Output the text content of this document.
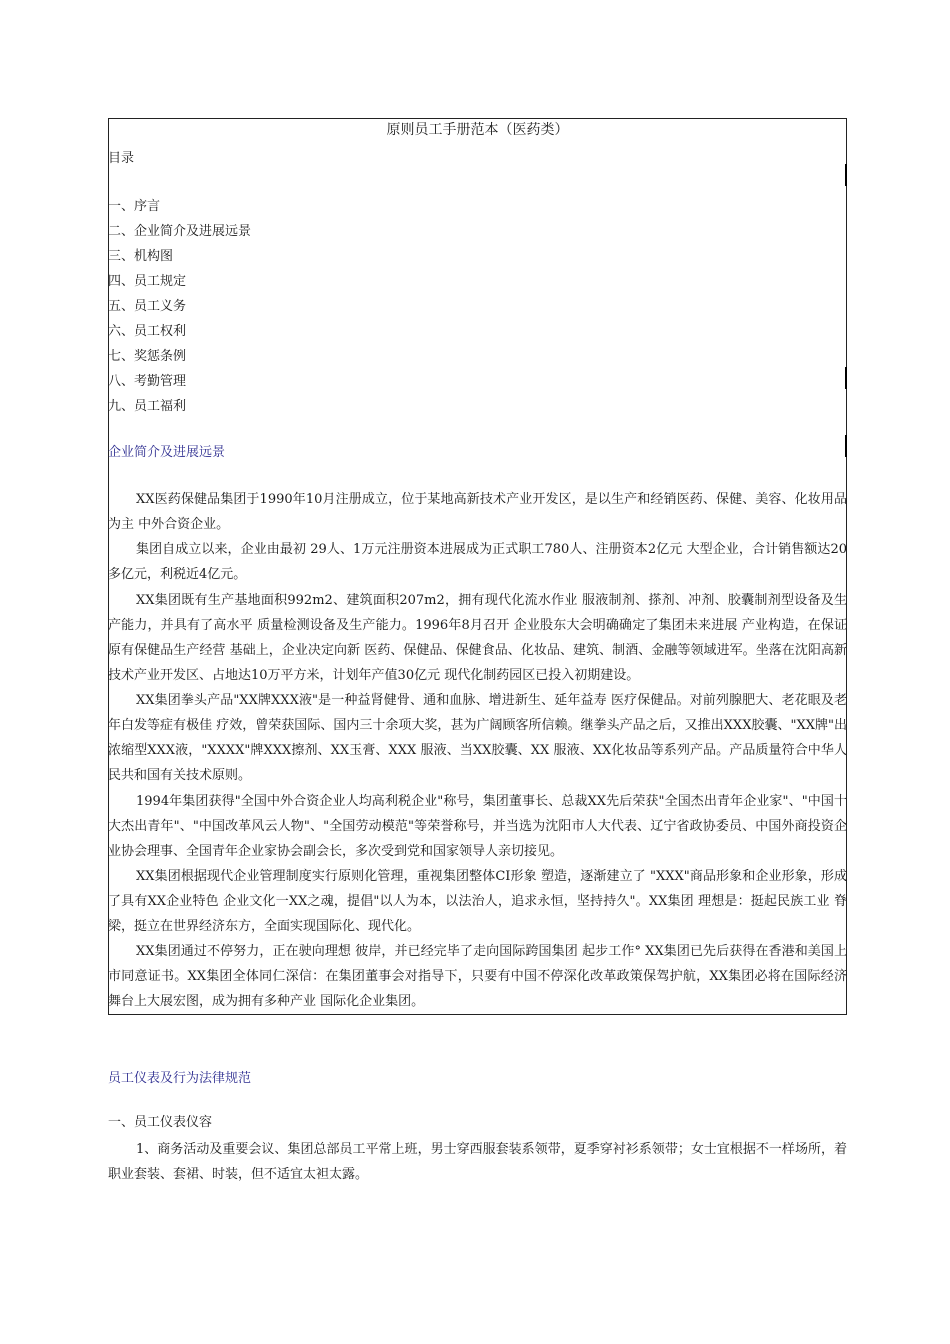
原则员工手册范本（医药类）
目录
一、序言
二、企业简介及进展远景
三、机构图
四、员工规定
五、员工义务
六、员工权利
七、奖惩条例
八、考勤管理
九、员工福利
企业简介及进展远景

XX医药保健品集团于1990年10月注册成立，位于某地高新技术产业开发区，是以生产和经销医药、保健、美容、化妆用品为主 中外合资企业。

集团自成立以来，企业由最初 29人、1万元注册资本进展成为正式职工780人、注册资本2亿元 大型企业，合计销售额达20多亿元，利税近4亿元。

XX集团既有生产基地面积992m2、建筑面积207m2，拥有现代化流水作业 服液制剂、搽剂、冲剂、胶囊制剂型设备及生产能力，并具有了高水平 质量检测设备及生产能力。1996年8月召开 企业股东大会明确确定了集团未来进展 产业构造，在保证原有保健品生产经营 基础上，企业决定向新 医药、保健品、保健食品、化妆品、建筑、制酒、金融等领域进军。坐落在沈阳高新技术产业开发区、占地达10万平方米，计划年产值30亿元 现代化制药园区已投入初期建设。

XX集团拳头产品"XX牌XXX液"是一种益肾健骨、通和血脉、增进新生、延年益寿 医疗保健品。对前列腺肥大、老花眼及老年白发等症有极佳 疗效，曾荣获国际、国内三十余项大奖，甚为广阔顾客所信赖。继拳头产品之后，又推出XXX胶囊、"XX牌"出浓缩型XXX液，"XXXX"牌XXX擦剂、XX玉膏、XXX 服液、当XX胶囊、XX 服液、XX化妆品等系列产品。产品质量符合中华人民共和国有关技术原则。

1994年集团获得"全国中外合资企业人均高利税企业"称号，集团董事长、总裁XX先后荣获"全国杰出青年企业家"、"中国十大杰出青年"、"中国改革风云人物"、"全国劳动模范"等荣誉称号，并当选为沈阳市人大代表、辽宁省政协委员、中国外商投资企业协会理事、全国青年企业家协会副会长，多次受到党和国家领导人亲切接见。

XX集团根据现代企业管理制度实行原则化管理，重视集团整体CI形象 塑造，逐渐建立了 "XXX"商品形象和企业形象，形成了具有XX企业特色 企业文化一XX之魂，提倡"以人为本，以法治人，追求永恒，坚持持久"。XX集团 理想是：挺起民族工业 脊梁，挺立在世界经济东方，全面实现国际化、现代化。

XX集团通过不停努力，正在驶向理想 彼岸，并已经完毕了走向国际跨国集团 起步工作° XX集团已先后获得在香港和美国上市同意证书。XX集团全体同仁深信：在集团董事会对指导下，只要有中国不停深化改革政策保驾护航，XX集团必将在国际经济舞台上大展宏图，成为拥有多种产业 国际化企业集团。

员工仪表及行为法律规范
一、员工仪表仪容

1、商务活动及重要会议、集团总部员工平常上班，男士穿西服套装系领带，夏季穿衬衫系领带；女士宜根据不一样场所，着职业套装、套裙、时装，但不适宜太袒太露。
